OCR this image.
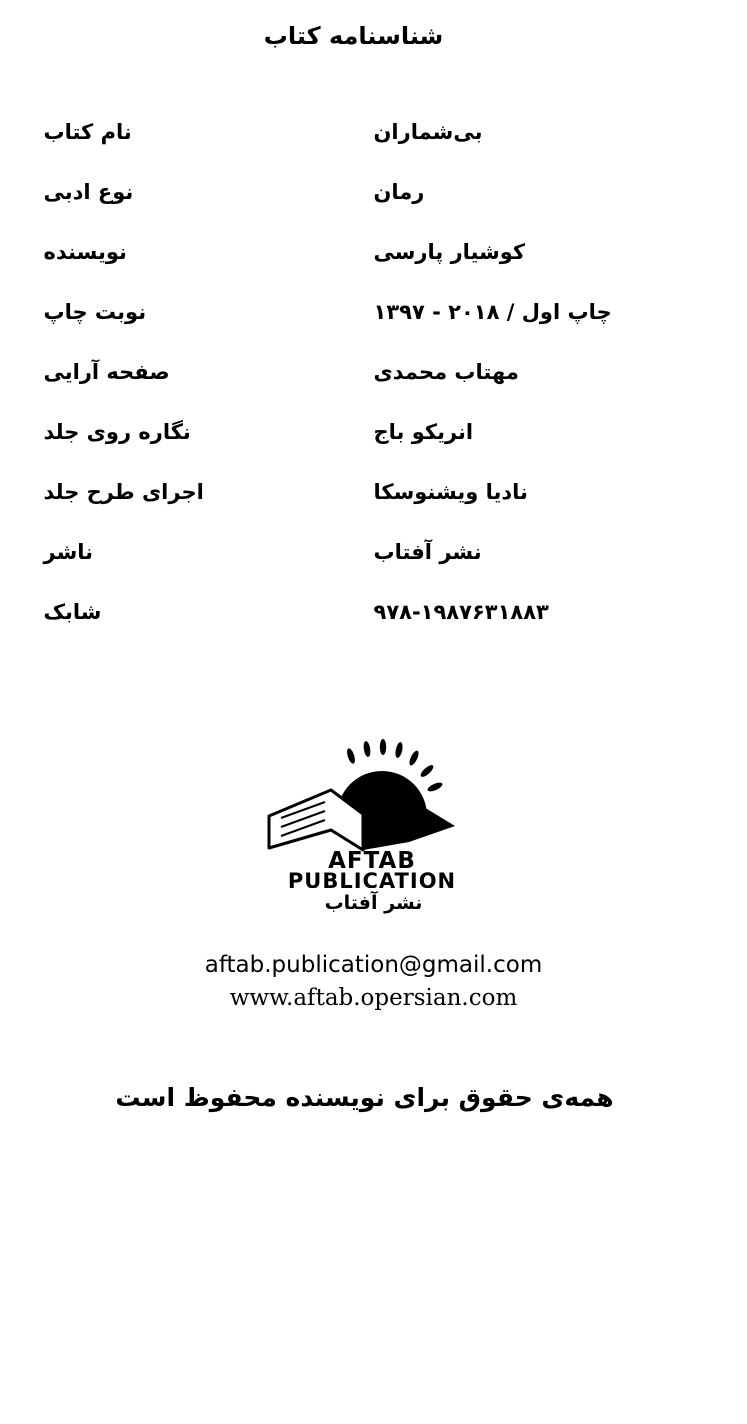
شناسنامه کتاب
بی‌شماران	نام کتاب
رمان	نوع ادبی
کوشیار پارسی	نویسنده
چاپ اول / ۲۰۱۸ - ۱۳۹۷	نوبت چاپ
مهتاب محمدی	صفحه آرایی
انریکو باج	نگاره روی جلد
نادیا ویشنوسکا	اجرای طرح جلد
نشر آفتاب	ناشر
۹۷۸-۱۹۸۷۶۳۱۸۸۳	شابک
AFTAB
PUBLICATION
نشر آفتاب
aftab.publication@gmail.com
www.aftab.opersian.com
همه‌ی حقوق برای نویسنده محفوظ است
